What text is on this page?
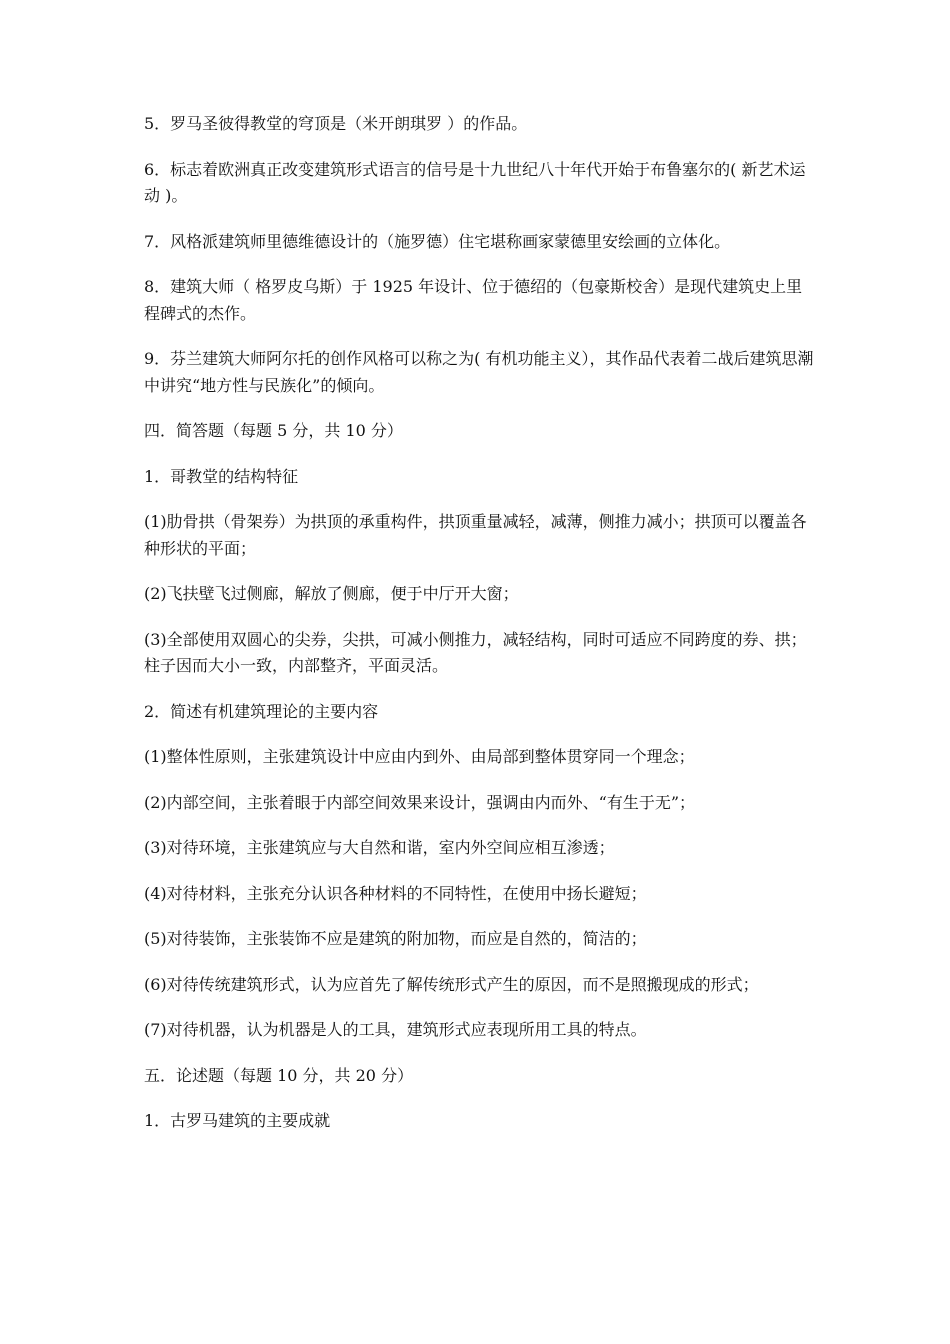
5．罗马圣彼得教堂的穹顶是（米开朗琪罗 ）的作品。

6．标志着欧洲真正改变建筑形式语言的信号是十九世纪八十年代开始于布鲁塞尔的( 新艺术运动 )。

7．风格派建筑师里德维德设计的（施罗德）住宅堪称画家蒙德里安绘画的立体化。

8．建筑大师（ 格罗皮乌斯）于 1925 年设计、位于德绍的（包豪斯校舍）是现代建筑史上里程碑式的杰作。

9．芬兰建筑大师阿尔托的创作风格可以称之为( 有机功能主义），其作品代表着二战后建筑思潮中讲究“地方性与民族化”的倾向。

四．简答题（每题 5 分，共 10 分）

1．哥教堂的结构特征

(1)肋骨拱（骨架券）为拱顶的承重构件，拱顶重量减轻，减薄，侧推力减小；拱顶可以覆盖各种形状的平面；

(2)飞扶壁飞过侧廊，解放了侧廊，便于中厅开大窗；

(3)全部使用双圆心的尖券，尖拱，可减小侧推力，减轻结构，同时可适应不同跨度的券、拱；柱子因而大小一致，内部整齐，平面灵活。

2．简述有机建筑理论的主要内容

(1)整体性原则，主张建筑设计中应由内到外、由局部到整体贯穿同一个理念；

(2)内部空间，主张着眼于内部空间效果来设计，强调由内而外、“有生于无”；

(3)对待环境，主张建筑应与大自然和谐，室内外空间应相互渗透；

(4)对待材料，主张充分认识各种材料的不同特性，在使用中扬长避短；

(5)对待装饰，主张装饰不应是建筑的附加物，而应是自然的，简洁的；

(6)对待传统建筑形式，认为应首先了解传统形式产生的原因，而不是照搬现成的形式；

(7)对待机器，认为机器是人的工具，建筑形式应表现所用工具的特点。

五．论述题（每题 10 分，共 20 分）

1．古罗马建筑的主要成就
